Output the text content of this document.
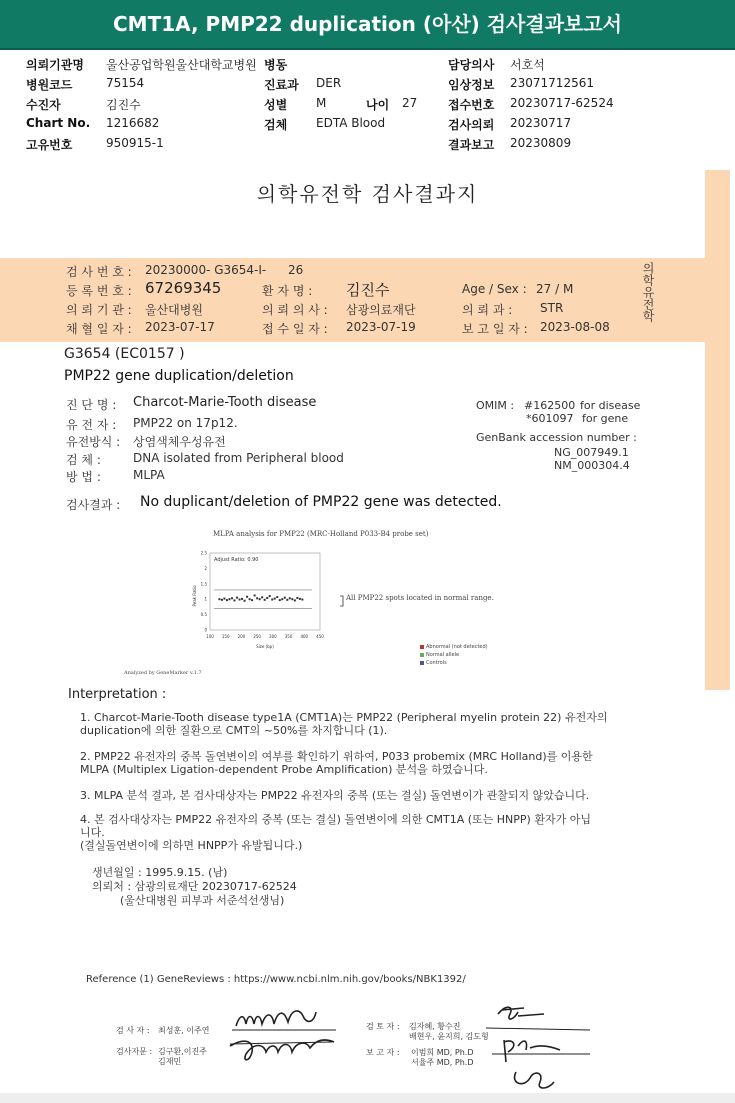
CMT1A, PMP22 duplication (아산) 검사결과보고서
의뢰기관명 울산공업학원울산대학교병원 병동	담당의사 서호석
병원코드	75154	진료과 DER	임상정보 23071712561
수진자	김진수	성별 M	나이 27	접수번호 20230717-62524
Chart No. 1216682	검체 EDTA Blood	검사의뢰 20230717
고유번호	950915-1	결과보고 20230809
의학유전학 검사결과지
의학유전학
검 사 번 호 : 20230000- G3654-I- 26
등 록 번 호 : 67269345	환 자 명 : 김진수	Age / Sex : 27 / M
의 뢰 기 관 : 울산대병원	의 뢰 의 사 : 삼광의료재단	의 뢰 과 : STR
채 혈 일 자 : 2023-07-17	접 수 일 자 : 2023-07-19	보 고 일 자 : 2023-08-08
G3654 (EC0157 )
PMP22 gene duplication/deletion
진 단 명 : Charcot-Marie-Tooth disease
유 전 자 : PMP22 on 17p12.
유전방식 : 상염색체우성유전
검 체 :	DNA isolated from Peripheral blood
방 법 :	MLPA
OMIM : #162500 for disease
*601097 for gene
GenBank accession number :
NG_007949.1
NM_000304.4
검사결과 : No duplicant/deletion of PMP22 gene was detected.
MLPA analysis for PMP22 (MRC-Holland P033-B4 probe set)
Adjust Ratio: 0.90
Peak Ratio
Size (bp)
0
0.5
1
1.5
2
2.5
100 150 200 250 300 350 400 450
All PMP22 spots located in normal range.
Abnormal (not detected)
Normal allele
Controls
Analyzed by GeneMarker v.1.7
Interpretation :
1. Charcot-Marie-Tooth disease type1A (CMT1A)는 PMP22 (Peripheral myelin protein 22) 유전자의
duplication에 의한 질환으로 CMT의 ~50%를 차지합니다 (1).
2. PMP22 유전자의 중복 돌연변이의 여부를 확인하기 위하여, P033 probemix (MRC Holland)를 이용한
MLPA (Multiplex Ligation-dependent Probe Amplification) 분석을 하였습니다.
3. MLPA 분석 결과, 본 검사대상자는 PMP22 유전자의 중복 (또는 결실) 돌연변이가 관찰되지 않았습니다.
4. 본 검사대상자는 PMP22 유전자의 중복 (또는 결실) 돌연변이에 의한 CMT1A (또는 HNPP) 환자가 아닙
니다.
(결실돌연변이에 의하면 HNPP가 유발됩니다.)
생년월일 : 1995.9.15. (남)
의뢰처 : 삼광의료재단 20230717-62524
(울산대병원 피부과 서준석선생님)
Reference (1) GeneReviews : https://www.ncbi.nlm.nih.gov/books/NBK1392/
검 사 자 : 최성훈, 이주연
검사자문 : 김구환,이진주
김재민
검 토 자 : 김자혜, 황수진
배현우, 윤지희, 김도형
보 고 자 : 이범희 MD, Ph.D
서율주 MD, Ph.D
